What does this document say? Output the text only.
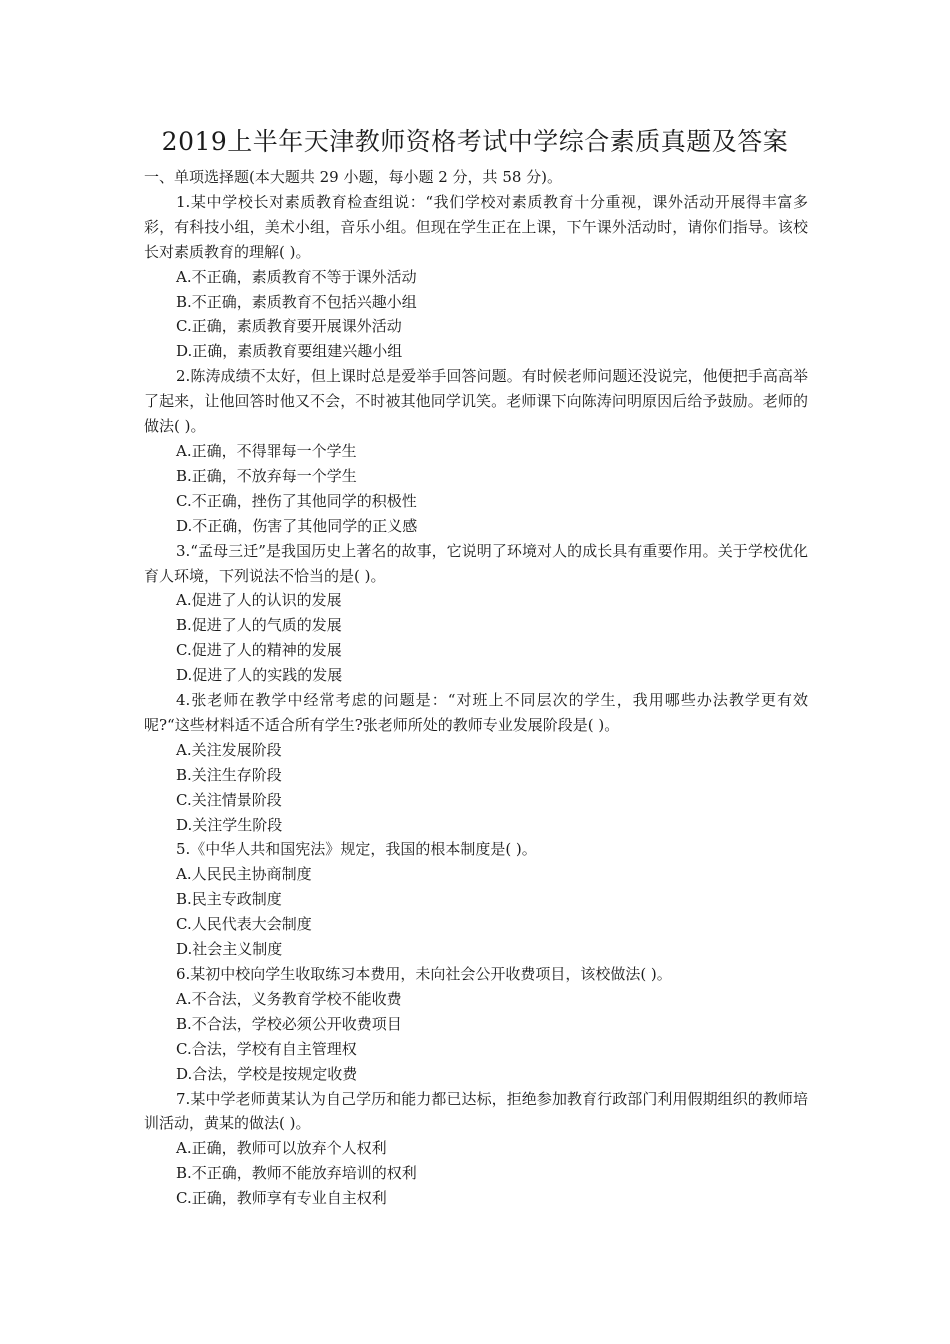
2019上半年天津教师资格考试中学综合素质真题及答案

一、单项选择题(本大题共 29 小题，每小题 2 分，共 58 分)。

1.某中学校长对素质教育检查组说：“我们学校对素质教育十分重视，课外活动开展得丰富多彩，有科技小组，美术小组，音乐小组。但现在学生正在上课，下午课外活动时，请你们指导。该校长对素质教育的理解( )。

A.不正确，素质教育不等于课外活动

B.不正确，素质教育不包括兴趣小组

C.正确，素质教育要开展课外活动

D.正确，素质教育要组建兴趣小组

2.陈涛成绩不太好，但上课时总是爱举手回答问题。有时候老师问题还没说完，他便把手高高举了起来，让他回答时他又不会，不时被其他同学讥笑。老师课下向陈涛问明原因后给予鼓励。老师的做法( )。

A.正确，不得罪每一个学生

B.正确，不放弃每一个学生

C.不正确，挫伤了其他同学的积极性

D.不正确，伤害了其他同学的正义感

3.“孟母三迁”是我国历史上著名的故事，它说明了环境对人的成长具有重要作用。关于学校优化育人环境，下列说法不恰当的是( )。

A.促进了人的认识的发展

B.促进了人的气质的发展

C.促进了人的精神的发展

D.促进了人的实践的发展

4.张老师在教学中经常考虑的问题是：“对班上不同层次的学生，我用哪些办法教学更有效呢?“这些材料适不适合所有学生?张老师所处的教师专业发展阶段是( )。

A.关注发展阶段

B.关注生存阶段

C.关注情景阶段

D.关注学生阶段

5.《中华人共和国宪法》规定，我国的根本制度是( )。

A.人民民主协商制度

B.民主专政制度

C.人民代表大会制度

D.社会主义制度

6.某初中校向学生收取练习本费用，未向社会公开收费项目，该校做法( )。

A.不合法，义务教育学校不能收费

B.不合法，学校必须公开收费项目

C.合法，学校有自主管理权

D.合法，学校是按规定收费

7.某中学老师黄某认为自己学历和能力都已达标，拒绝参加教育行政部门利用假期组织的教师培训活动，黄某的做法( )。

A.正确，教师可以放弃个人权利

B.不正确，教师不能放弃培训的权利

C.正确，教师享有专业自主权利
